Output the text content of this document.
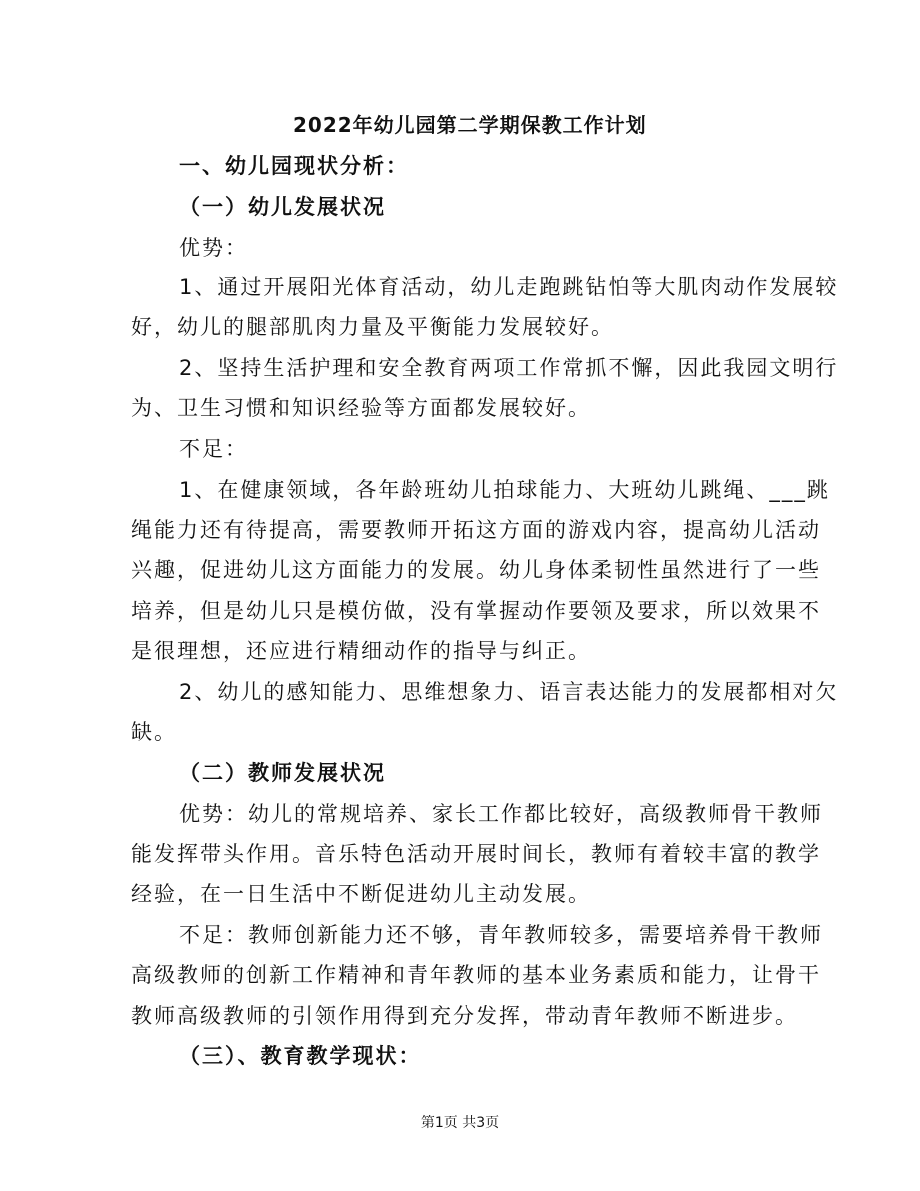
2022年幼儿园第二学期保教工作计划
一、幼儿园现状分析：
（一）幼儿发展状况
优势：
1、通过开展阳光体育活动，幼儿走跑跳钻怕等大肌肉动作发展较
好，幼儿的腿部肌肉力量及平衡能力发展较好。
2、坚持生活护理和安全教育两项工作常抓不懈，因此我园文明行
为、卫生习惯和知识经验等方面都发展较好。
不足：
1、在健康领域，各年龄班幼儿拍球能力、大班幼儿跳绳、___跳
绳能力还有待提高，需要教师开拓这方面的游戏内容，提高幼儿活动
兴趣，促进幼儿这方面能力的发展。幼儿身体柔韧性虽然进行了一些
培养，但是幼儿只是模仿做，没有掌握动作要领及要求，所以效果不
是很理想，还应进行精细动作的指导与纠正。
2、幼儿的感知能力、思维想象力、语言表达能力的发展都相对欠
缺。
（二）教师发展状况
优势：幼儿的常规培养、家长工作都比较好，高级教师骨干教师
能发挥带头作用。音乐特色活动开展时间长，教师有着较丰富的教学
经验，在一日生活中不断促进幼儿主动发展。
不足：教师创新能力还不够，青年教师较多，需要培养骨干教师
高级教师的创新工作精神和青年教师的基本业务素质和能力，让骨干
教师高级教师的引领作用得到充分发挥，带动青年教师不断进步。
（三）、教育教学现状：
第1页 共3页
